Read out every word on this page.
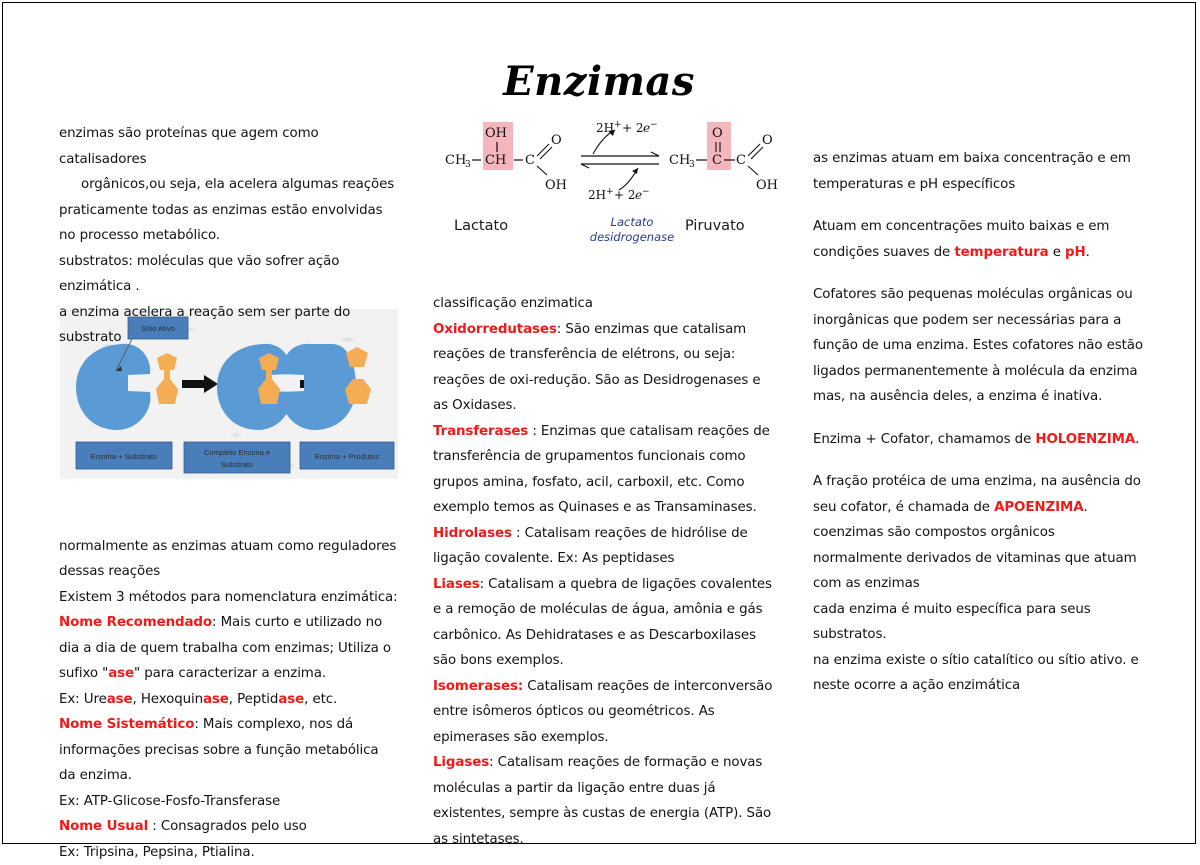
Enzimas
CH
3
OH
CH C
O
OH
2H + + 2 e −
2H + + 2 e −
CH
3
O
C C
O
OH
Lactato	Lactato
desidrogenase
Piruvato
Sítio Ativo
Enzima + Substrato	Completo Enzima e
Substrato
Enzima + Produtos

enzimas são proteínas que agem como catalisadores

orgânicos,ou seja, ela acelera algumas reações

praticamente todas as enzimas estão envolvidas no processo metabólico.

substratos: moléculas que vão sofrer ação enzimática .

a enzima acelera a reação sem ser parte do substrato

normalmente as enzimas atuam como reguladores dessas reações

Existem 3 métodos para nomenclatura enzimática:

Nome Recomendado: Mais curto e utilizado no dia a dia de quem trabalha com enzimas; Utiliza o sufixo "ase" para caracterizar a enzima.

Ex: Urease, Hexoquinase, Peptidase, etc.

Nome Sistemático: Mais complexo, nos dá informações precisas sobre a função metabólica da enzima.

Ex: ATP-Glicose-Fosfo-Transferase

Nome Usual : Consagrados pelo uso

Ex: Tripsina, Pepsina, Ptialina.

classificação enzimatica

Oxidorredutases: São enzimas que catalisam reações de transferência de elétrons, ou seja: reações de oxi-redução. São as Desidrogenases e as Oxidases.

Transferases : Enzimas que catalisam reações de transferência de grupamentos funcionais como grupos amina, fosfato, acil, carboxil, etc. Como exemplo temos as Quinases e as Transaminases.

Hidrolases : Catalisam reações de hidrólise de ligação covalente. Ex: As peptidases

Liases: Catalisam a quebra de ligações covalentes e a remoção de moléculas de água, amônia e gás carbônico. As Dehidratases e as Descarboxilases são bons exemplos.

Isomerases: Catalisam reações de interconversão entre isômeros ópticos ou geométricos. As epimerases são exemplos.

Ligases: Catalisam reações de formação e novas moléculas a partir da ligação entre duas já existentes, sempre às custas de energia (ATP). São as sintetases.

as enzimas atuam em baixa concentração e em temperaturas e pH específicos

Atuam em concentrações muito baixas e em condições suaves de temperatura e pH.

Cofatores são pequenas moléculas orgânicas ou inorgânicas que podem ser necessárias para a função de uma enzima. Estes cofatores não estão ligados permanentemente à molécula da enzima mas, na ausência deles, a enzima é inativa.

Enzima + Cofator, chamamos de HOLOENZIMA.

A fração protéica de uma enzima, na ausência do seu cofator, é chamada de APOENZIMA.

coenzimas são compostos orgânicos normalmente derivados de vitaminas que atuam com as enzimas

cada enzima é muito específica para seus substratos.

na enzima existe o sítio catalítico ou sítio ativo. e neste ocorre a ação enzimática
